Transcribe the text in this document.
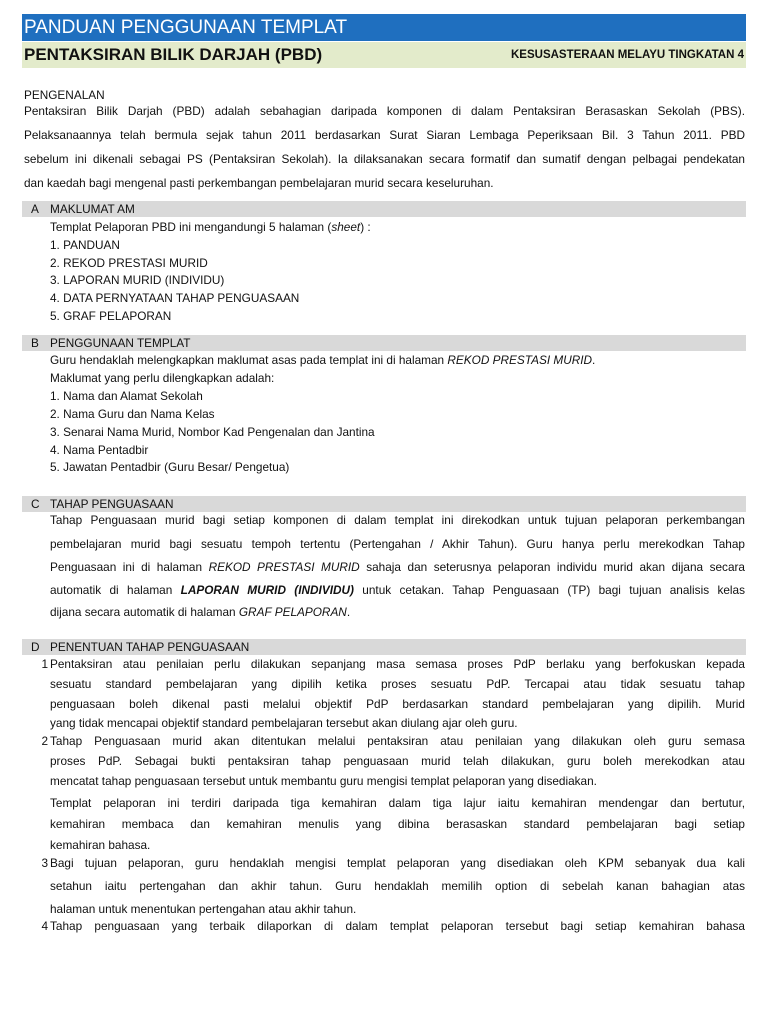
PANDUAN PENGGUNAAN TEMPLAT
PENTAKSIRAN BILIK DARJAH (PBD)	KESUSASTERAAN MELAYU TINGKATAN 4
PENGENALAN
Pentaksiran Bilik Darjah (PBD) adalah sebahagian daripada komponen di dalam Pentaksiran Berasaskan Sekolah (PBS).
Pelaksanaannya telah bermula sejak tahun 2011 berdasarkan Surat Siaran Lembaga Peperiksaan Bil. 3 Tahun 2011. PBD
sebelum ini dikenali sebagai PS (Pentaksiran Sekolah). Ia dilaksanakan secara formatif dan sumatif dengan pelbagai pendekatan
dan kaedah bagi mengenal pasti perkembangan pembelajaran murid secara keseluruhan.
A MAKLUMAT AM
Templat Pelaporan PBD ini mengandungi 5 halaman (sheet) :
1. PANDUAN
2. REKOD PRESTASI MURID
3. LAPORAN MURID (INDIVIDU)
4. DATA PERNYATAAN TAHAP PENGUASAAN
5. GRAF PELAPORAN
B PENGGUNAAN TEMPLAT
Guru hendaklah melengkapkan maklumat asas pada templat ini di halaman REKOD PRESTASI MURID.
Maklumat yang perlu dilengkapkan adalah:
1. Nama dan Alamat Sekolah
2. Nama Guru dan Nama Kelas
3. Senarai Nama Murid, Nombor Kad Pengenalan dan Jantina
4. Nama Pentadbir
5. Jawatan Pentadbir (Guru Besar/ Pengetua)
C TAHAP PENGUASAAN
Tahap Penguasaan murid bagi setiap komponen di dalam templat ini direkodkan untuk tujuan pelaporan perkembangan
pembelajaran murid bagi sesuatu tempoh tertentu (Pertengahan / Akhir Tahun). Guru hanya perlu merekodkan Tahap
Penguasaan ini di halaman REKOD PRESTASI MURID sahaja dan seterusnya pelaporan individu murid akan dijana secara
automatik di halaman LAPORAN MURID (INDIVIDU) untuk cetakan. Tahap Penguasaan (TP) bagi tujuan analisis kelas
dijana secara automatik di halaman GRAF PELAPORAN.
D PENENTUAN TAHAP PENGUASAAN
1 Pentaksiran atau penilaian perlu dilakukan sepanjang masa semasa proses PdP berlaku yang berfokuskan kepada
sesuatu standard pembelajaran yang dipilih ketika proses sesuatu PdP. Tercapai atau tidak sesuatu tahap
penguasaan boleh dikenal pasti melalui objektif PdP berdasarkan standard pembelajaran yang dipilih. Murid
yang tidak mencapai objektif standard pembelajaran tersebut akan diulang ajar oleh guru.
2 Tahap Penguasaan murid akan ditentukan melalui pentaksiran atau penilaian yang dilakukan oleh guru semasa
proses PdP. Sebagai bukti pentaksiran tahap penguasaan murid telah dilakukan, guru boleh merekodkan atau
mencatat tahap penguasaan tersebut untuk membantu guru mengisi templat pelaporan yang disediakan.
Templat pelaporan ini terdiri daripada tiga kemahiran dalam tiga lajur iaitu kemahiran mendengar dan bertutur,
kemahiran membaca dan kemahiran menulis yang dibina berasaskan standard pembelajaran bagi setiap
kemahiran bahasa.
3 Bagi tujuan pelaporan, guru hendaklah mengisi templat pelaporan yang disediakan oleh KPM sebanyak dua kali
setahun iaitu pertengahan dan akhir tahun. Guru hendaklah memilih option di sebelah kanan bahagian atas
halaman untuk menentukan pertengahan atau akhir tahun.
4 Tahap penguasaan yang terbaik dilaporkan di dalam templat pelaporan tersebut bagi setiap kemahiran bahasa
